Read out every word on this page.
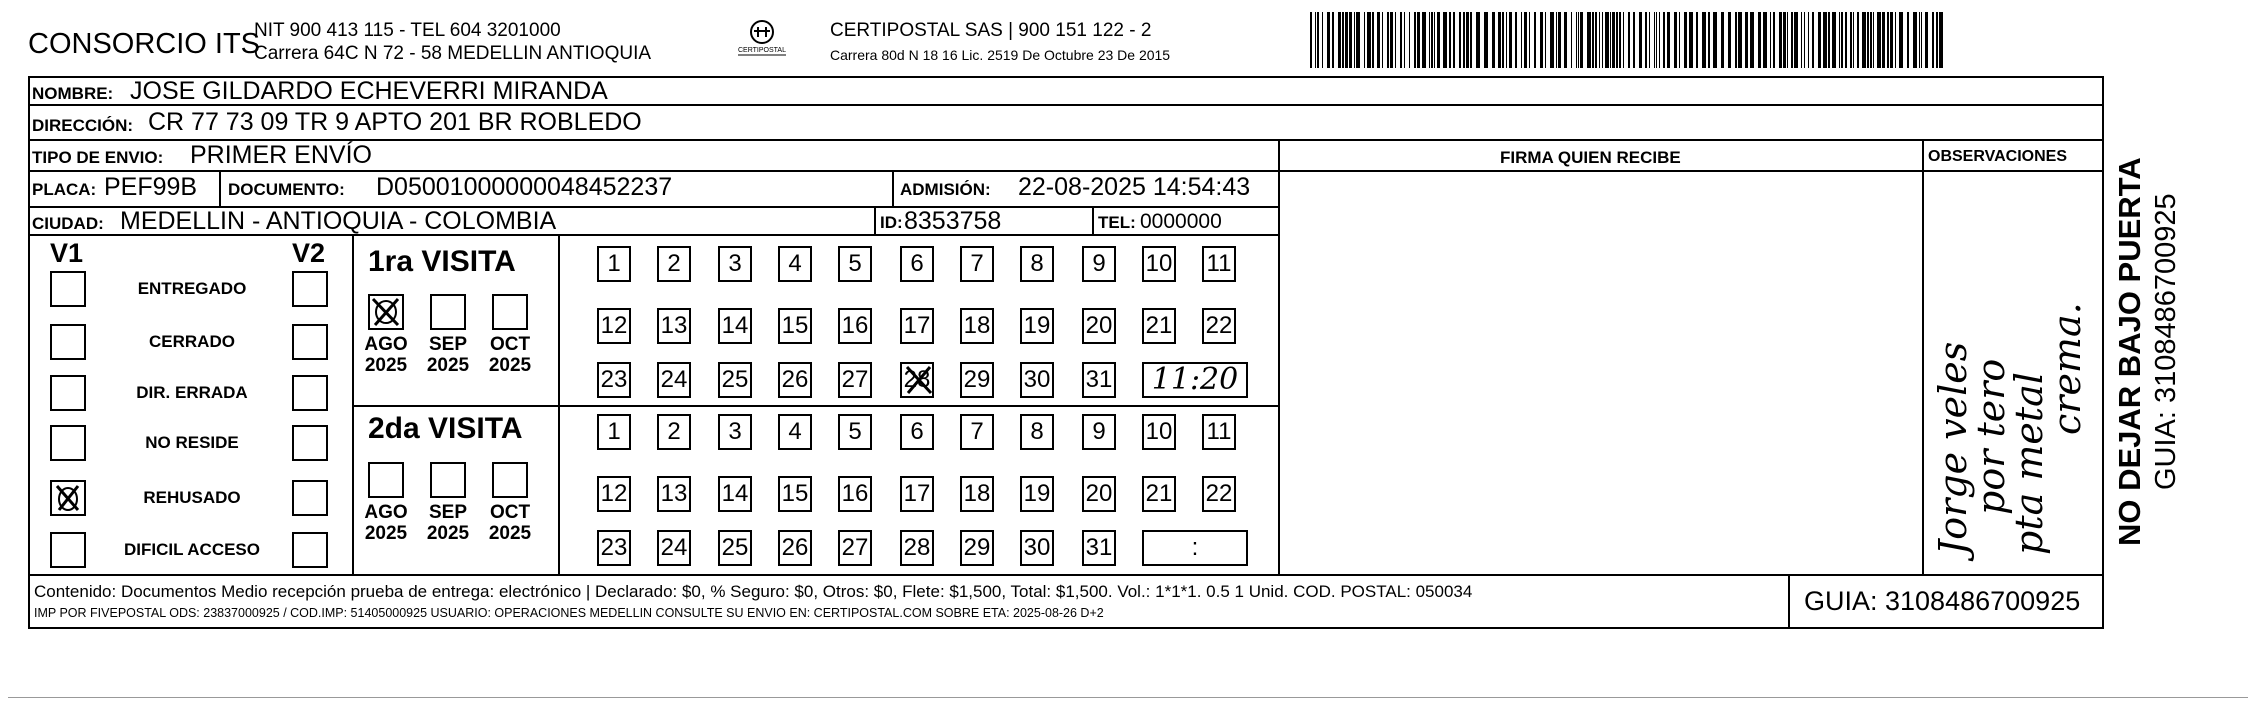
CONSORCIO ITS
NIT 900 413 115 - TEL 604 3201000
Carrera 64C N 72 - 58 MEDELLIN ANTIOQUIA	CERTIPOSTAL
CERTIPOSTAL SAS | 900 151 122 - 2
Carrera 80d N 18 16 Lic. 2519 De Octubre 23 De 2015
NOMBRE: JOSE GILDARDO ECHEVERRI MIRANDA
DIRECCIÓN: CR 77 73 09 TR 9 APTO 201 BR ROBLEDO
TIPO DE ENVIO: PRIMER ENVÍO	FIRMA QUIEN RECIBE	OBSERVACIONES
PLACA: PEF99B DOCUMENTO: D05001000000048452237	ADMISIÓN: 22-08-2025 14:54:43
CIUDAD: MEDELLIN - ANTIOQUIA - COLOMBIA	ID: 8353758	TEL: 0000000
V1	V2
ENTREGADO
CERRADO
DIR. ERRADA
NO RESIDE
REHUSADO
DIFICIL ACCESO
1ra VISITA
2da VISITA
AGO
2025
SEP
2025
OCT
2025
1	2	3	4	5	6	7	8	9	10 11
12 13 14 15 16 17 18 19 20 21 22
23 24 25 26 27 28 29 30 31	11:20
AGO
2025
SEP
2025
OCT
2025
1	2	3	4	5	6	7	8	9	10 11
12 13 14 15 16 17 18 19 20 21 22
23 24 25 26 27 28 29 30 31	:	Jorge veles
por tero
pta metal
crema. NO DEJAR BAJO PUERTA GUIA: 3108486700925
Contenido: Documentos Medio recepción prueba de entrega: electrónico | Declarado: $0, % Seguro: $0, Otros: $0, Flete: $1,500, Total: $1,500. Vol.: 1*1*1. 0.5 1 Unid. COD. POSTAL: 050034
IMP POR FIVEPOSTAL ODS: 23837000925 / COD.IMP: 51405000925 USUARIO: OPERACIONES MEDELLIN CONSULTE SU ENVIO EN: CERTIPOSTAL.COM SOBRE ETA: 2025-08-26 D+2	GUIA: 3108486700925
